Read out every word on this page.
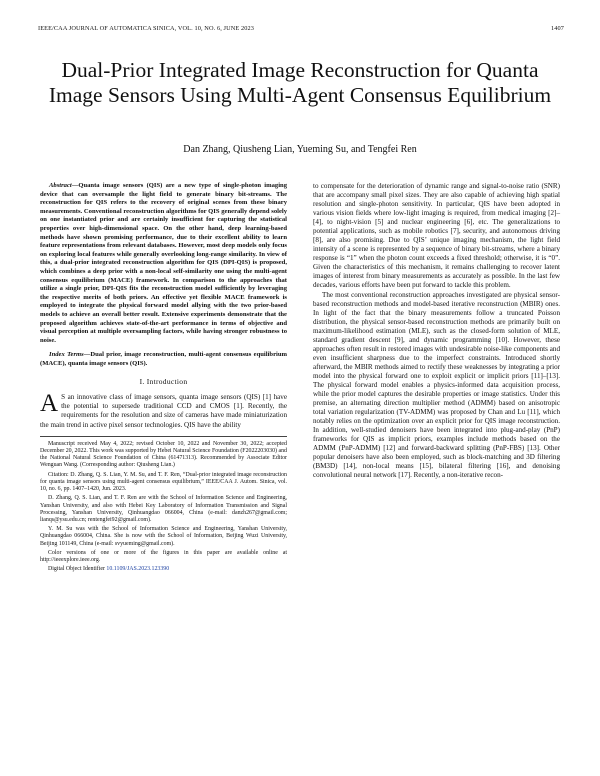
IEEE/CAA JOURNAL OF AUTOMATICA SINICA, VOL. 10, NO. 6, JUNE 2023	1407
Dual-Prior Integrated Image Reconstruction for Quanta Image Sensors Using Multi-Agent Consensus Equilibrium
Dan Zhang, Qiusheng Lian, Yueming Su, and Tengfei Ren

Abstract—Quanta image sensors (QIS) are a new type of single-photon imaging device that can oversample the light field to generate binary bit-streams. The reconstruction for QIS refers to the recovery of original scenes from these binary measurements. Conventional reconstruction algorithms for QIS generally depend solely on one instantiated prior and are certainly insufficient for capturing the statistical properties over high-dimensional space. On the other hand, deep learning-based methods have shown promising performance, due to their excellent ability to learn feature representations from relevant databases. However, most deep models only focus on exploring local features while generally overlooking long-range similarity. In view of this, a dual-prior integrated reconstruction algorithm for QIS (DPI-QIS) is proposed, which combines a deep prior with a non-local self-similarity one using the multi-agent consensus equilibrium (MACE) framework. In comparison to the approaches that utilize a single prior, DPI-QIS fits the reconstruction model sufficiently by leveraging the respective merits of both priors. An effective yet flexible MACE framework is employed to integrate the physical forward model allying with the two prior-based models to achieve an overall better result. Extensive experiments demonstrate that the proposed algorithm achieves state-of-the-art performance in terms of objective and visual perception at multiple oversampling factors, while having stronger robustness to noise.

Index Terms—Dual prior, image reconstruction, multi-agent consensus equilibrium (MACE), quanta image sensors (QIS).

I. Introduction

A S an innovative class of image sensors, quanta image sensors (QIS) [1] have the potential to supersede traditional CCD and CMOS [1]. Recently, the requirements for the resolution and size of cameras have made miniaturization the main trend in active pixel sensor technologies. QIS have the ability

Manuscript received May 4, 2022; revised October 10, 2022 and November 30, 2022; accepted December 20, 2022. This work was supported by Hebei Natural Science Foundation (F2022203030) and the National Natural Science Foundation of China (61471313). Recommended by Associate Editor Wenguan Wang. (Corresponding author: Qiusheng Lian.)

Citation: D. Zhang, Q. S. Lian, Y. M. Su, and T. F. Ren, “Dual-prior integrated image reconstruction for quanta image sensors using multi-agent consensus equilibrium,” IEEE/CAA J. Autom. Sinica, vol. 10, no. 6, pp. 1407–1420, Jun. 2023.

D. Zhang, Q. S. Lian, and T. F. Ren are with the School of Information Science and Engineering, Yanshan University, and also with Hebei Key Laboratory of Information Transmission and Signal Processing, Yanshan University, Qinhuangdao 066004, China (e-mail: danzh267@gmail.com; lianqs@ysu.edu.cn; rentengfei92@gmail.com).

Y. M. Su was with the School of Information Science and Engineering, Yanshan University, Qinhuangdao 066004, China. She is now with the School of Information, Beijing Wuzi University, Beijing 101149, China (e-mail: svyueming@gmail.com).

Color versions of one or more of the figures in this paper are available online at http://ieeexplore.ieee.org.

Digital Object Identifier 10.1109/JAS.2023.123390

to compensate for the deterioration of dynamic range and signal-to-noise ratio (SNR) that are accompany small pixel sizes. They are also capable of achieving high spatial resolution and single-photon sensitivity. In particular, QIS have been adopted in various vision fields where low-light imaging is required, from medical imaging [2]–[4], to night-vision [5] and nuclear engineering [6], etc. The generalizations to potential applications, such as mobile robotics [7], security, and autonomous driving [8], are also promising. Due to QIS’ unique imaging mechanism, the light field intensity of a scene is represented by a sequence of binary bit-streams, where a binary response is “1” when the photon count exceeds a fixed threshold; otherwise, it is “0”. Given the characteristics of this mechanism, it remains challenging to recover latent images of interest from binary measurements as accurately as possible. In the last few decades, various efforts have been put forward to tackle this problem.

The most conventional reconstruction approaches investigated are physical sensor-based reconstruction methods and model-based iterative reconstruction (MBIR) ones. In light of the fact that the binary measurements follow a truncated Poisson distribution, the physical sensor-based reconstruction methods are primarily built on maximum-likelihood estimation (MLE), such as the closed-form solution of MLE, standard gradient descent [9], and dynamic programming [10]. However, these approaches often result in restored images with undesirable noise-like components and even insufficient sharpness due to the imperfect constraints. Introduced shortly afterward, the MBIR methods aimed to rectify these weaknesses by integrating a prior model into the physical forward one to exploit explicit or implicit priors [11]–[13]. The physical forward model enables a physics-informed data acquisition process, while the prior model captures the desirable properties or image statistics. Under this premise, an alternating direction multiplier method (ADMM) based on anisotropic total variation regularization (TV-ADMM) was proposed by Chan and Lu [11], which notably relies on the optimization over an explicit prior for QIS image reconstruction. In addition, well-studied denoisers have been integrated into plug-and-play (PnP) frameworks for QIS as implicit priors, examples include methods based on the ADMM (PnP-ADMM) [12] and forward-backward splitting (PnP-FBS) [13]. Other popular denoisers have also been employed, such as block-matching and 3D filtering (BM3D) [14], non-local means [15], bilateral filtering [16], and denoising convolutional neural network [17]. Recently, a non-iterative recon-
